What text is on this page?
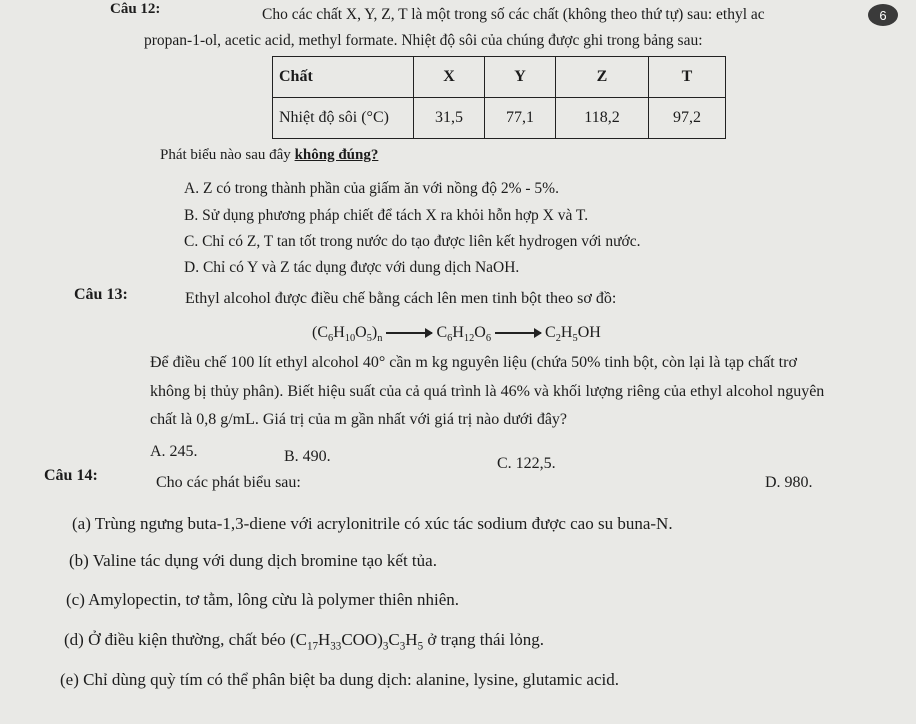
Câu 12:	Cho các chất X, Y, Z, T là một trong số các chất (không theo thứ tự) sau: ethyl ac	6
propan-1-ol, acetic acid, methyl formate. Nhiệt độ sôi của chúng được ghi trong bảng sau:
Chất	X	Y	Z	T
Nhiệt độ sôi (°C)	31,5	77,1	118,2	97,2
Phát biểu nào sau đây không đúng?
A. Z có trong thành phần của giấm ăn với nồng độ 2% - 5%.
B. Sử dụng phương pháp chiết để tách X ra khỏi hỗn hợp X và T.
C. Chỉ có Z, T tan tốt trong nước do tạo được liên kết hydrogen với nước.
D. Chỉ có Y và Z tác dụng được với dung dịch NaOH.
Câu 13:	Ethyl alcohol được điều chế bằng cách lên men tinh bột theo sơ đồ:
$(C_6H_{10}O_5)_n \to C_6H_{12}O_6 \to C_2H_5OH$
Để điều chế 100 lít ethyl alcohol 40° cần m kg nguyên liệu (chứa 50% tinh bột, còn lại là tạp chất trơ
không bị thủy phân). Biết hiệu suất của cả quá trình là 46% và khối lượng riêng của ethyl alcohol nguyên
chất là 0,8 g/mL. Giá trị của m gần nhất với giá trị nào dưới đây?
A. 245.	B. 490.	C. 122,5.
D. 980.
Câu 14:	Cho các phát biểu sau:
(a) Trùng ngưng buta-1,3-diene với acrylonitrile có xúc tác sodium được cao su buna-N.
(b) Valine tác dụng với dung dịch bromine tạo kết tủa.
(c) Amylopectin, tơ tằm, lông cừu là polymer thiên nhiên.
(d) Ở điều kiện thường, chất béo $(C_{17}H_{33}COO)_3C_3H_5$ ở trạng thái lỏng.
(e) Chỉ dùng quỳ tím có thể phân biệt ba dung dịch: alanine, lysine, glutamic acid.
